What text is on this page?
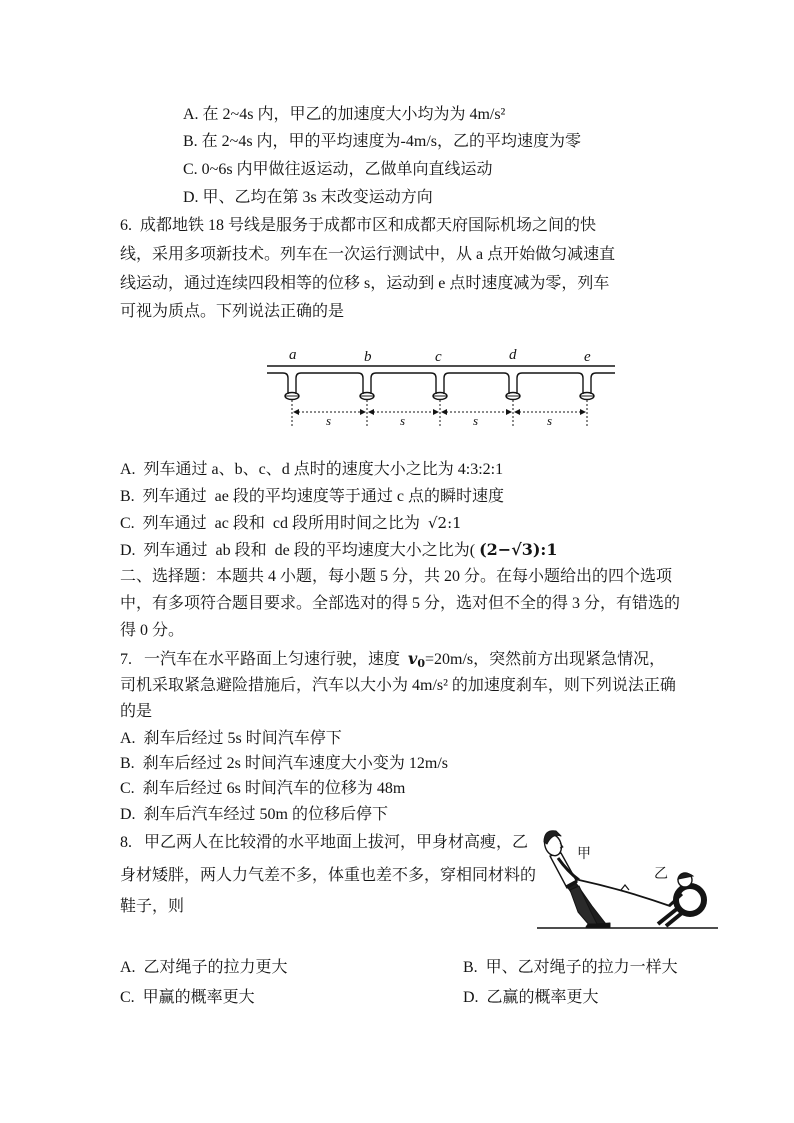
A. 在 2~4s 内，甲乙的加速度大小均为为 4m/s²
B. 在 2~4s 内，甲的平均速度为-4m/s，乙的平均速度为零
C. 0~6s 内甲做往返运动，乙做单向直线运动
D. 甲、乙均在第 3s 末改变运动方向
6.  成都地铁 18 号线是服务于成都市区和成都天府国际机场之间的快
线，采用多项新技术。列车在一次运行测试中，从 a 点开始做匀减速直
线运动，通过连续四段相等的位移 s，运动到 e 点时速度减为零，列车
可视为质点。下列说法正确的是
a	b	c	d	e
s	s	s	s
A.  列车通过 a、b、c、d 点时的速度大小之比为 4:3:2:1
B.  列车通过  ae 段的平均速度等于通过 c 点的瞬时速度
C.  列车通过  ac 段和  cd 段所用时间之比为  √2:1
D.  列车通过  ab 段和  de 段的平均速度大小之比为( (2−√3):1
二、选择题：本题共 4 小题，每小题 5 分，共 20 分。在每小题给出的四个选项
中，有多项符合题目要求。全部选对的得 5 分，选对但不全的得 3 分，有错选的
得 0 分。
7.   一汽车在水平路面上匀速行驶，速度  v0=20m/s，突然前方出现紧急情况，
司机采取紧急避险措施后，汽车以大小为 4m/s² 的加速度刹车，则下列说法正确
的是
A.  刹车后经过 5s 时间汽车停下
B.  刹车后经过 2s 时间汽车速度大小变为 12m/s
C.  刹车后经过 6s 时间汽车的位移为 48m
D.  刹车后汽车经过 50m 的位移后停下
8.   甲乙两人在比较滑的水平地面上拔河，甲身材高瘦，乙
身材矮胖，两人力气差不多，体重也差不多，穿相同材料的
鞋子，则
甲
乙
A.  乙对绳子的拉力更大	B.  甲、乙对绳子的拉力一样大
C.  甲赢的概率更大	D.  乙赢的概率更大
